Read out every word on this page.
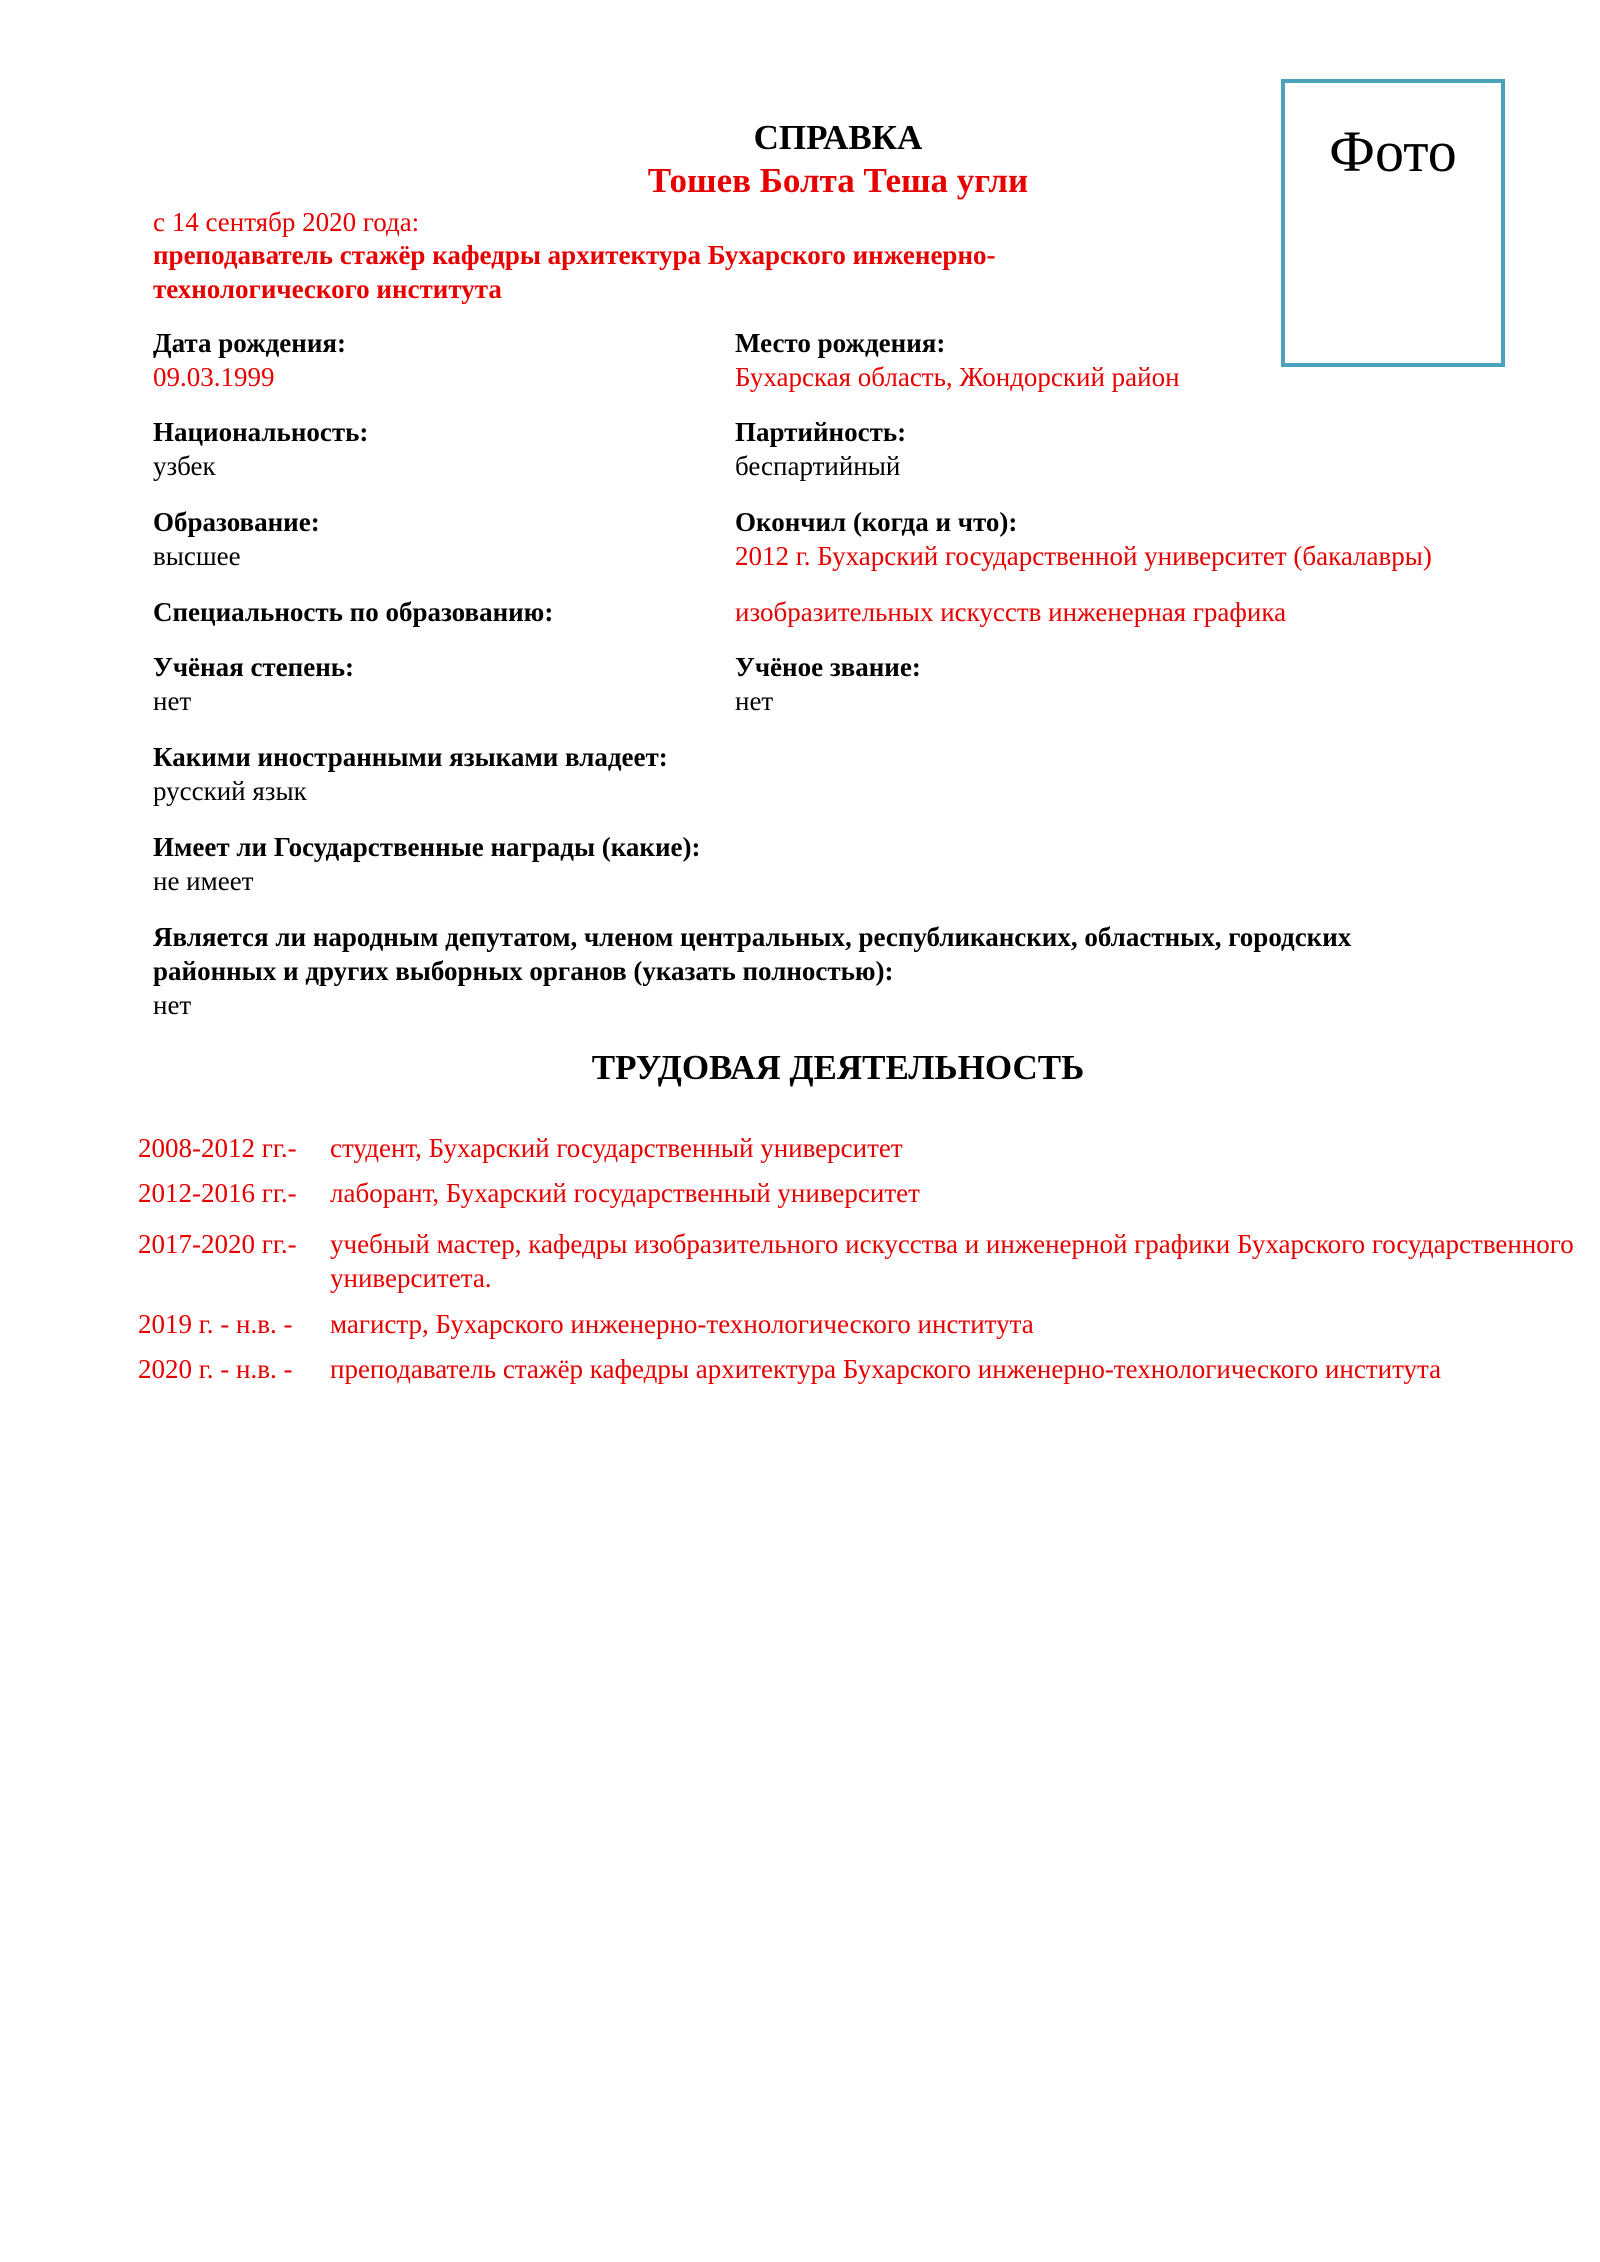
Фото
СПРАВКА
Тошев Болта Теша угли
с 14 сентябр 2020 года:
преподаватель стажёр кафедры архитектура Бухарского инженерно-
технологического института
Дата рождения:
09.03.1999
Место рождения:
Бухарская область, Жондорский район
Национальность:
узбек
Партийность:
беспартийный
Образование:
высшее
Окончил (когда и что):
2012 г. Бухарский государственной университет (бакалавры)
Специальность по образованию:	изобразительных искусств инженерная графика
Учёная степень:
нет
Учёное звание:
нет
Какими иностранными языками владеет:
русский язык
Имеет ли Государственные награды (какие):
не имеет
Является ли народным депутатом, членом центральных, республиканских, областных, городских
районных и других выборных органов (указать полностью):
нет
ТРУДОВАЯ ДЕЯТЕЛЬНОСТЬ
2008-2012 гг.- студент, Бухарский государственный университет
2012-2016 гг.- лаборант, Бухарский государственный университет
2017-2020 гг.- учебный мастер, кафедры изобразительного искусства и инженерной графики Бухарского государственного университета.
2019 г. - н.в. - магистр, Бухарского инженерно-технологического института
2020 г. - н.в. - преподаватель стажёр кафедры архитектура Бухарского инженерно-технологического института
